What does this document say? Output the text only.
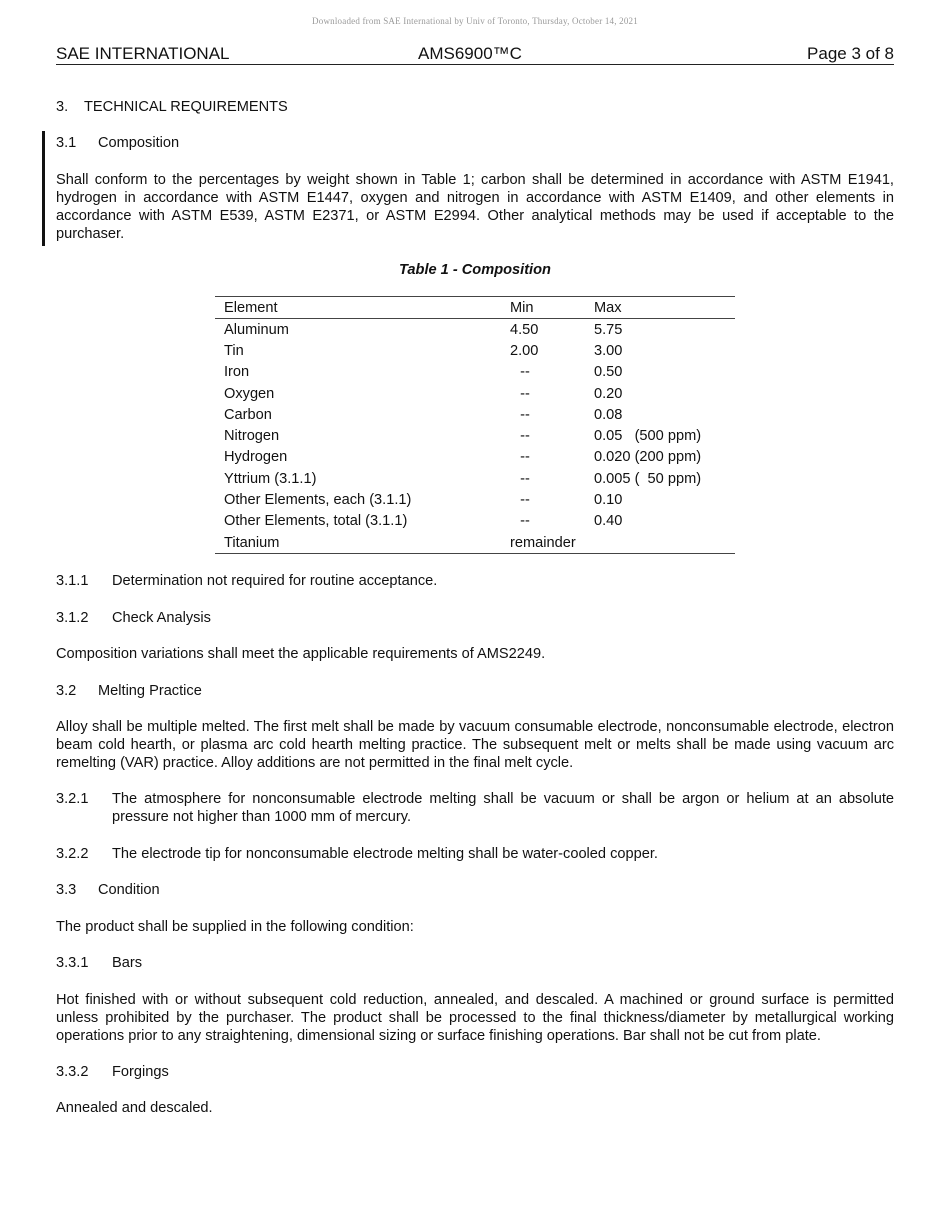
Downloaded from SAE International by Univ of Toronto, Thursday, October 14, 2021
SAE INTERNATIONAL	AMS6900™C	Page 3 of 8
3. TECHNICAL REQUIREMENTS
3.1 Composition
Shall conform to the percentages by weight shown in Table 1; carbon shall be determined in accordance with ASTM E1941, hydrogen in accordance with ASTM E1447, oxygen and nitrogen in accordance with ASTM E1409, and other elements in accordance with ASTM E539, ASTM E2371, or ASTM E2994. Other analytical methods may be used if acceptable to the purchaser.
Table 1 - Composition
Element	Min	Max
Aluminum	4.50	5.75
Tin	2.00	3.00
Iron	--	0.50
Oxygen	--	0.20
Carbon	--	0.08
Nitrogen	--	0.05   (500 ppm)
Hydrogen	--	0.020 (200 ppm)
Yttrium (3.1.1)	--	0.005 (  50 ppm)
Other Elements, each (3.1.1)	--	0.10
Other Elements, total (3.1.1)	--	0.40
Titanium	remainder	
3.1.1 Determination not required for routine acceptance.
3.1.2 Check Analysis
Composition variations shall meet the applicable requirements of AMS2249.
3.2 Melting Practice
Alloy shall be multiple melted. The first melt shall be made by vacuum consumable electrode, nonconsumable electrode, electron beam cold hearth, or plasma arc cold hearth melting practice. The subsequent melt or melts shall be made using vacuum arc remelting (VAR) practice. Alloy additions are not permitted in the final melt cycle.
3.2.1 The atmosphere for nonconsumable electrode melting shall be vacuum or shall be argon or helium at an absolute pressure not higher than 1000 mm of mercury.
3.2.2 The electrode tip for nonconsumable electrode melting shall be water-cooled copper.
3.3 Condition
The product shall be supplied in the following condition:
3.3.1 Bars
Hot finished with or without subsequent cold reduction, annealed, and descaled. A machined or ground surface is permitted unless prohibited by the purchaser. The product shall be processed to the final thickness/diameter by metallurgical working operations prior to any straightening, dimensional sizing or surface finishing operations. Bar shall not be cut from plate.
3.3.2 Forgings
Annealed and descaled.
